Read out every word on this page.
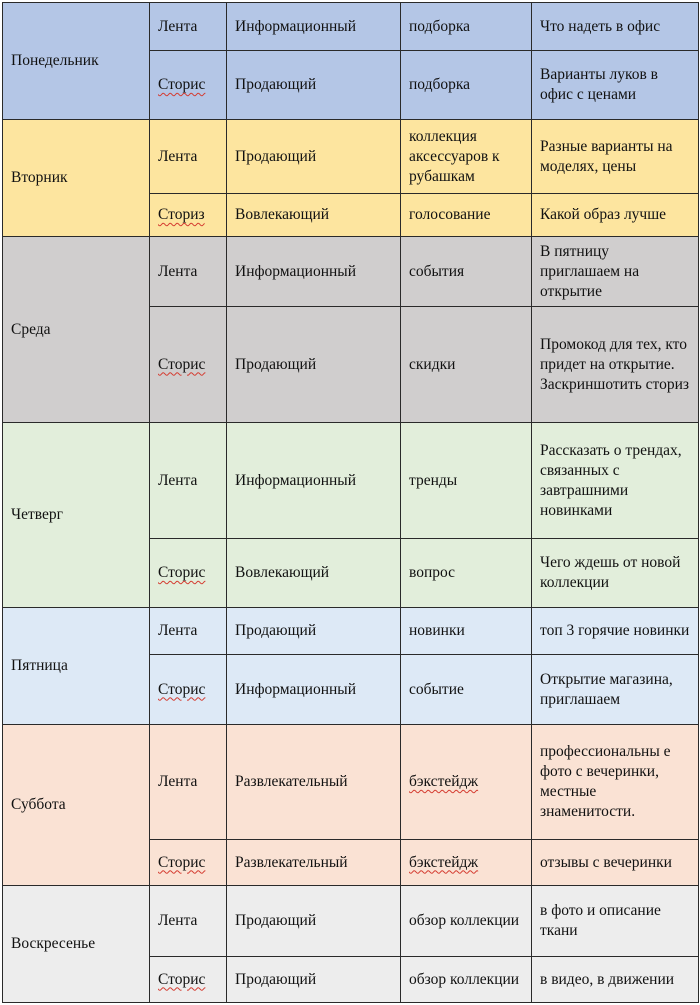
Понедельник	Лента	Информационный	подборка	Что надеть в офис
	Сторис	Продающий	подборка	Варианты луков в офис с ценами
Вторник	Лента	Продающий	коллекция аксессуаров к рубашкам	Разные варианты на моделях, цены
	Сториз	Вовлекающий	голосование	Какой образ лучше
Среда	Лента	Информационный	события	В пятницу приглашаем на открытие
	Сторис	Продающий	скидки	Промокод для тех, кто придет на открытие. Заскриншотить сториз
Четверг	Лента	Информационный	тренды	Рассказать о трендах, связанных с завтрашними новинками
	Сторис	Вовлекающий	вопрос	Чего ждешь от новой коллекции
Пятница	Лента	Продающий	новинки	топ 3 горячие новинки
	Сторис	Информационный	событие	Открытие магазина, приглашаем
Суббота	Лента	Развлекательный	бэкстейдж	профессиональны е фото с вечеринки, местные знаменитости.
	Сторис	Развлекательный	бэкстейдж	отзывы с вечеринки
Воскресенье	Лента	Продающий	обзор коллекции	в фото и описание ткани
	Сторис	Продающий	обзор коллекции	в видео, в движении
